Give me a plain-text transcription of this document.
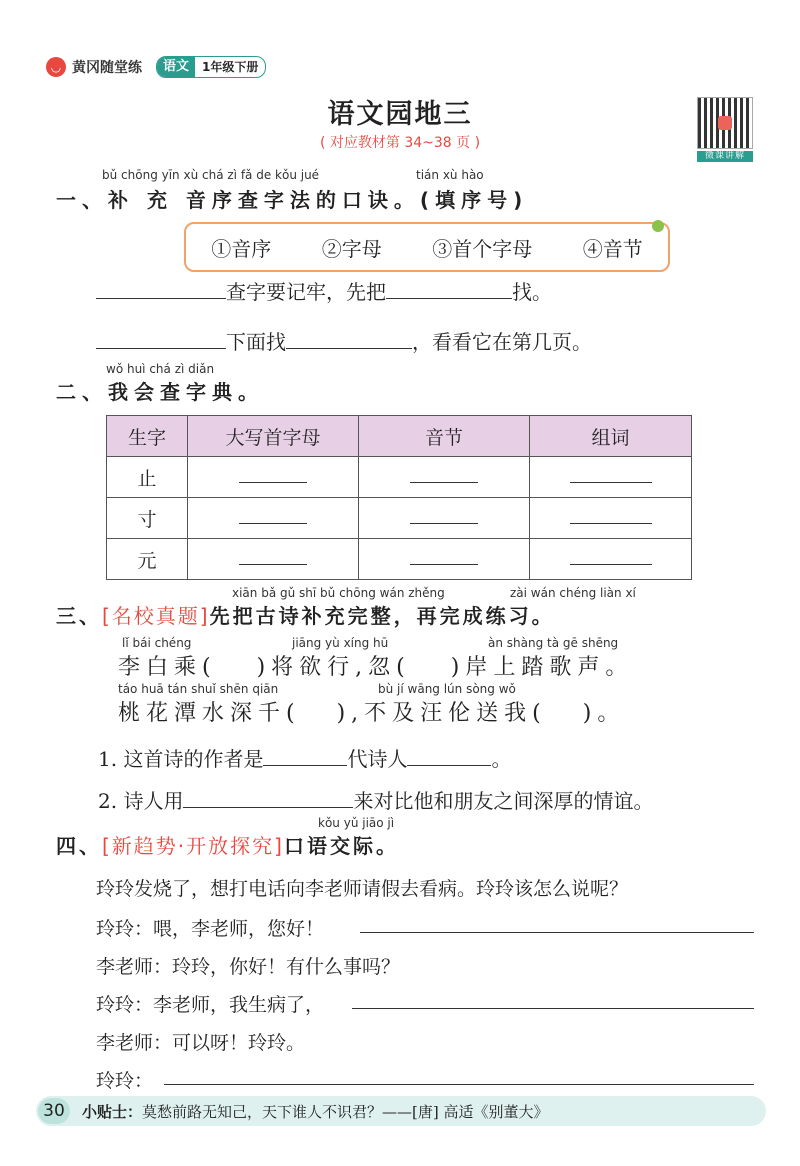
◡ 黄冈随堂练	语文	1年级下册
语文园地三
( 对应教材第 34~38 页 )
微课讲解
bǔ chōng yīn xù chá zì fǎ de kǒu jué	tián xù hào
一、补 充 音序查字法的口诀。(填序号)
①音序	②字母	③首个字母	④音节
查字要记牢，先把	找。
下面找	，看看它在第几页。
wǒ huì chá zì diǎn
二、我会查字典。
生字	大写首字母	音节	组词
止			
寸			
元			
xiān bǎ gǔ shī bǔ chōng wán zhěng	zài wán chéng liàn xí
三、[名校真题]先把古诗补充完整，再完成练习。
lǐ bái chéng	jiāng yù xíng hū	àn shàng tà gē shēng
李白乘( )将欲行,忽( )岸上踏歌声。
táo huā tán shuǐ shēn qiān	bù jí wāng lún sòng wǒ
桃花潭水深千( ),不及汪伦送我( )。
1. 这首诗的作者是	代诗人	。
2. 诗人用	来对比他和朋友之间深厚的情谊。
kǒu yǔ jiāo jì
四、[新趋势·开放探究]口语交际。
玲玲发烧了，想打电话向李老师请假去看病。玲玲该怎么说呢？
玲玲：喂，李老师，您好！
李老师：玲玲，你好！有什么事吗？
玲玲：李老师，我生病了，
李老师：可以呀！玲玲。
玲玲：
30	小贴士：莫愁前路无知己，天下谁人不识君？——[唐] 高适《别董大》
